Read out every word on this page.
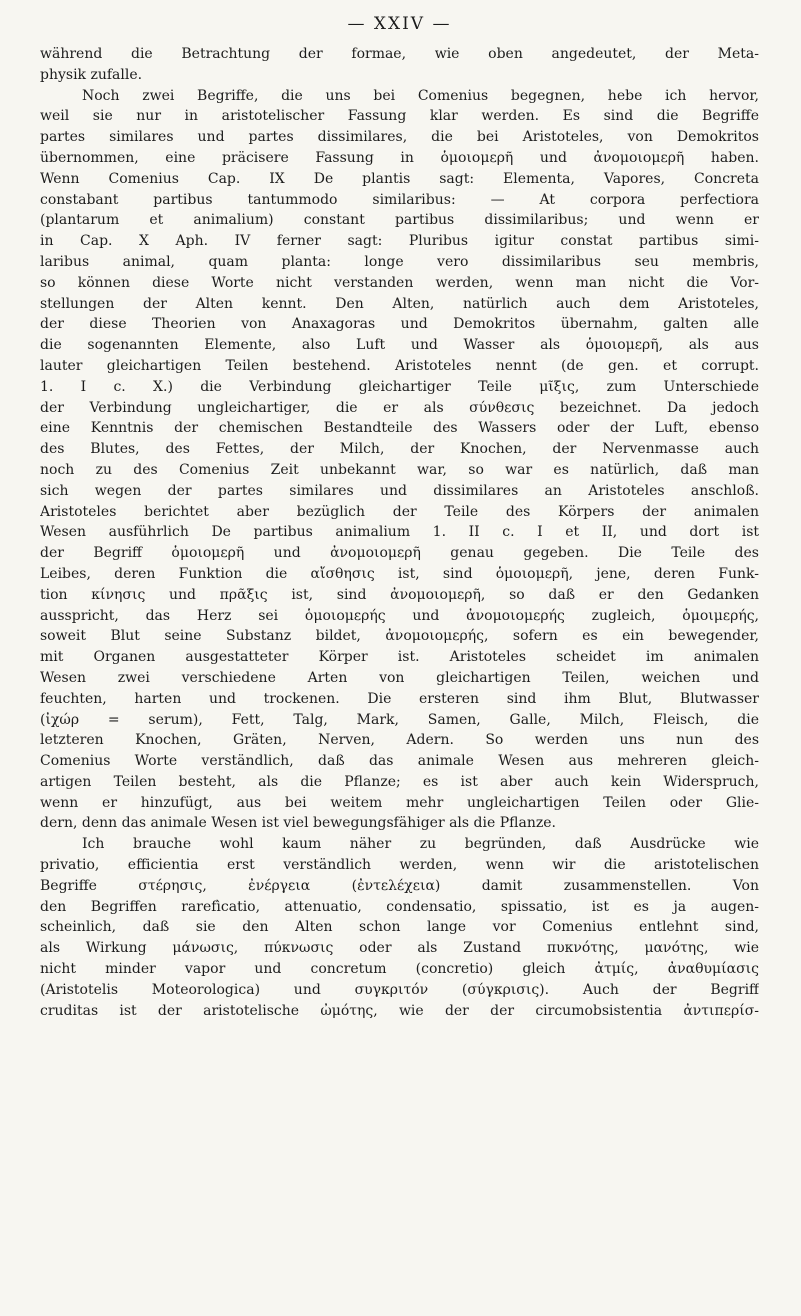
— XXIV —
während die Betrachtung der formae, wie oben angedeutet, der Meta-
physik zufalle.
Noch zwei Begriffe, die uns bei Comenius begegnen, hebe ich hervor,
weil sie nur in aristotelischer Fassung klar werden. Es sind die Begriffe
partes similares und partes dissimilares, die bei Aristoteles, von Demokritos
übernommen, eine präcisere Fassung in ὁμοιομερῆ und ἀνομοιομερῆ haben.
Wenn Comenius Cap. IX De plantis sagt: Elementa, Vapores, Concreta
constabant partibus tantummodo similaribus: — At corpora perfectiora
(plantarum et animalium) constant partibus dissimilaribus; und wenn er
in Cap. X Aph. IV ferner sagt: Pluribus igitur constat partibus simi-
laribus animal, quam planta: longe vero dissimilaribus seu membris,
so können diese Worte nicht verstanden werden, wenn man nicht die Vor-
stellungen der Alten kennt. Den Alten, natürlich auch dem Aristoteles,
der diese Theorien von Anaxagoras und Demokritos übernahm, galten alle
die sogenannten Elemente, also Luft und Wasser als ὁμοιομερῆ, als aus
lauter gleichartigen Teilen bestehend. Aristoteles nennt (de gen. et corrupt.
1. I c. X.) die Verbindung gleichartiger Teile μῖξις, zum Unterschiede
der Verbindung ungleichartiger, die er als σύνθεσις bezeichnet. Da jedoch
eine Kenntnis der chemischen Bestandteile des Wassers oder der Luft, ebenso
des Blutes, des Fettes, der Milch, der Knochen, der Nervenmasse auch
noch zu des Comenius Zeit unbekannt war, so war es natürlich, daß man
sich wegen der partes similares und dissimilares an Aristoteles anschloß.
Aristoteles berichtet aber bezüglich der Teile des Körpers der animalen
Wesen ausführlich De partibus animalium 1. II c. I et II, und dort ist
der Begriff ὁμοιομερῆ und ἀνομοιομερῆ genau gegeben. Die Teile des
Leibes, deren Funktion die αἴσθησις ist, sind ὁμοιομερῆ, jene, deren Funk-
tion κίνησις und πρᾶξις ist, sind ἀνομοιομερῆ, so daß er den Gedanken
ausspricht, das Herz sei ὁμοιομερής und ἀνομοιομερής zugleich, ὁμοιμερής,
soweit Blut seine Substanz bildet, ἀνομοιομερής, sofern es ein bewegender,
mit Organen ausgestatteter Körper ist. Aristoteles scheidet im animalen
Wesen zwei verschiedene Arten von gleichartigen Teilen, weichen und
feuchten, harten und trockenen. Die ersteren sind ihm Blut, Blutwasser
(ἰχώρ = serum), Fett, Talg, Mark, Samen, Galle, Milch, Fleisch, die
letzteren Knochen, Gräten, Nerven, Adern. So werden uns nun des
Comenius Worte verständlich, daß das animale Wesen aus mehreren gleich-
artigen Teilen besteht, als die Pflanze; es ist aber auch kein Widerspruch,
wenn er hinzufügt, aus bei weitem mehr ungleichartigen Teilen oder Glie-
dern, denn das animale Wesen ist viel bewegungsfähiger als die Pflanze.
Ich brauche wohl kaum näher zu begründen, daß Ausdrücke wie
privatio, efficientia erst verständlich werden, wenn wir die aristotelischen
Begriffe στέρησις, ἐνέργεια (ἐντελέχεια) damit zusammenstellen. Von
den Begriffen rarefìcatio, attenuatio, condensatio, spissatio, ist es ja augen-
scheinlich, daß sie den Alten schon lange vor Comenius entlehnt sind,
als Wirkung μάνωσις, πύκνωσις oder als Zustand πυκνότης, μανότης, wie
nicht minder vapor und concretum (concretio) gleich ἀτμίς, ἀναθυμίασις
(Aristotelis Moteorologica) und συγκριτόν (σύγκρισις). Auch der Begriff
cruditas ist der aristotelische ὠμότης, wie der der circumobsistentia ἀντιπερίσ-
